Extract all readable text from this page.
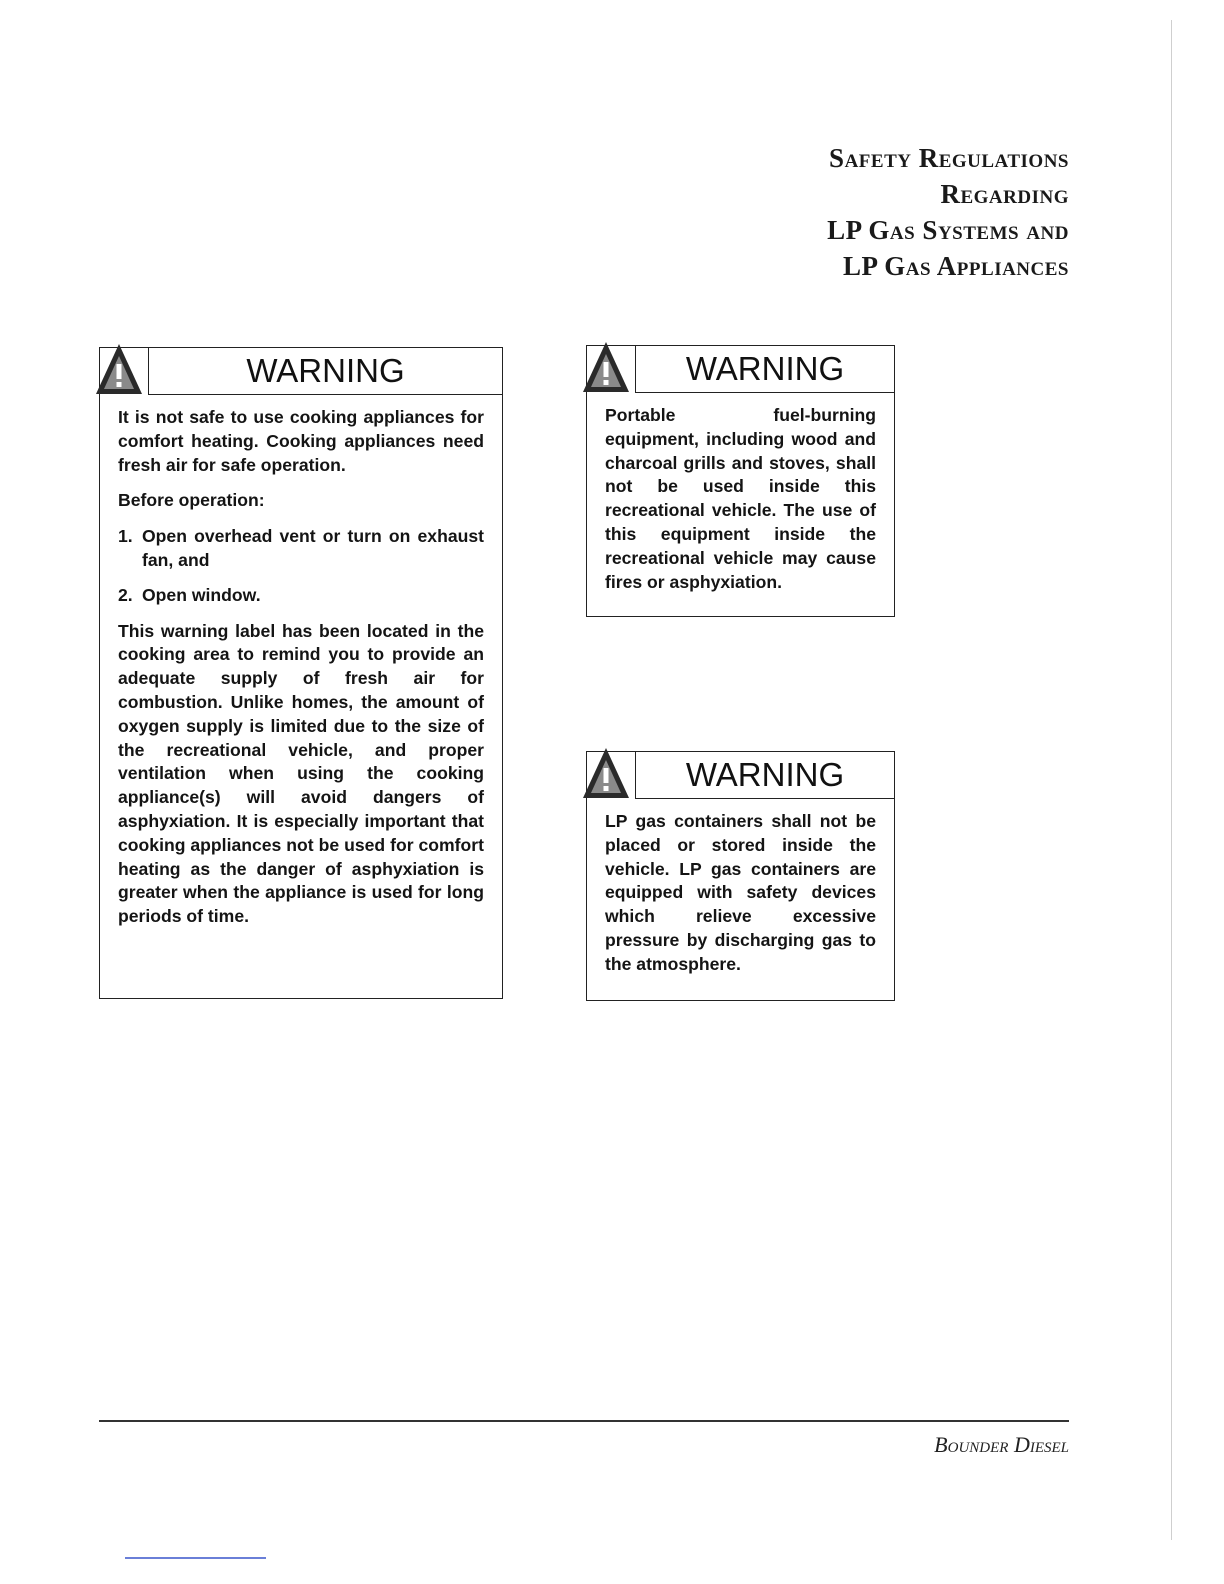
Safety Regulations
Regarding
LP Gas Systems and
LP Gas Appliances
WARNING

It is not safe to use cooking appliances for comfort heating. Cooking appliances need fresh air for safe operation.

Before operation:

1. Open overhead vent or turn on exhaust fan, and
2. Open window.

This warning label has been located in the cooking area to remind you to provide an adequate supply of fresh air for combustion. Unlike homes, the amount of oxygen supply is limited due to the size of the recreational vehicle, and proper ventilation when using the cooking appliance(s) will avoid dangers of asphyxiation. It is especially important that cooking appliances not be used for comfort heating as the danger of asphyxiation is greater when the appliance is used for long periods of time.

WARNING

Portable fuel-burning equipment, including wood and charcoal grills and stoves, shall not be used inside this recreational vehicle. The use of this equipment inside the recreational vehicle may cause fires or asphyxiation.

WARNING

LP gas containers shall not be placed or stored inside the vehicle. LP gas containers are equipped with safety devices which relieve excessive pressure by discharging gas to the atmosphere.

Bounder Diesel
